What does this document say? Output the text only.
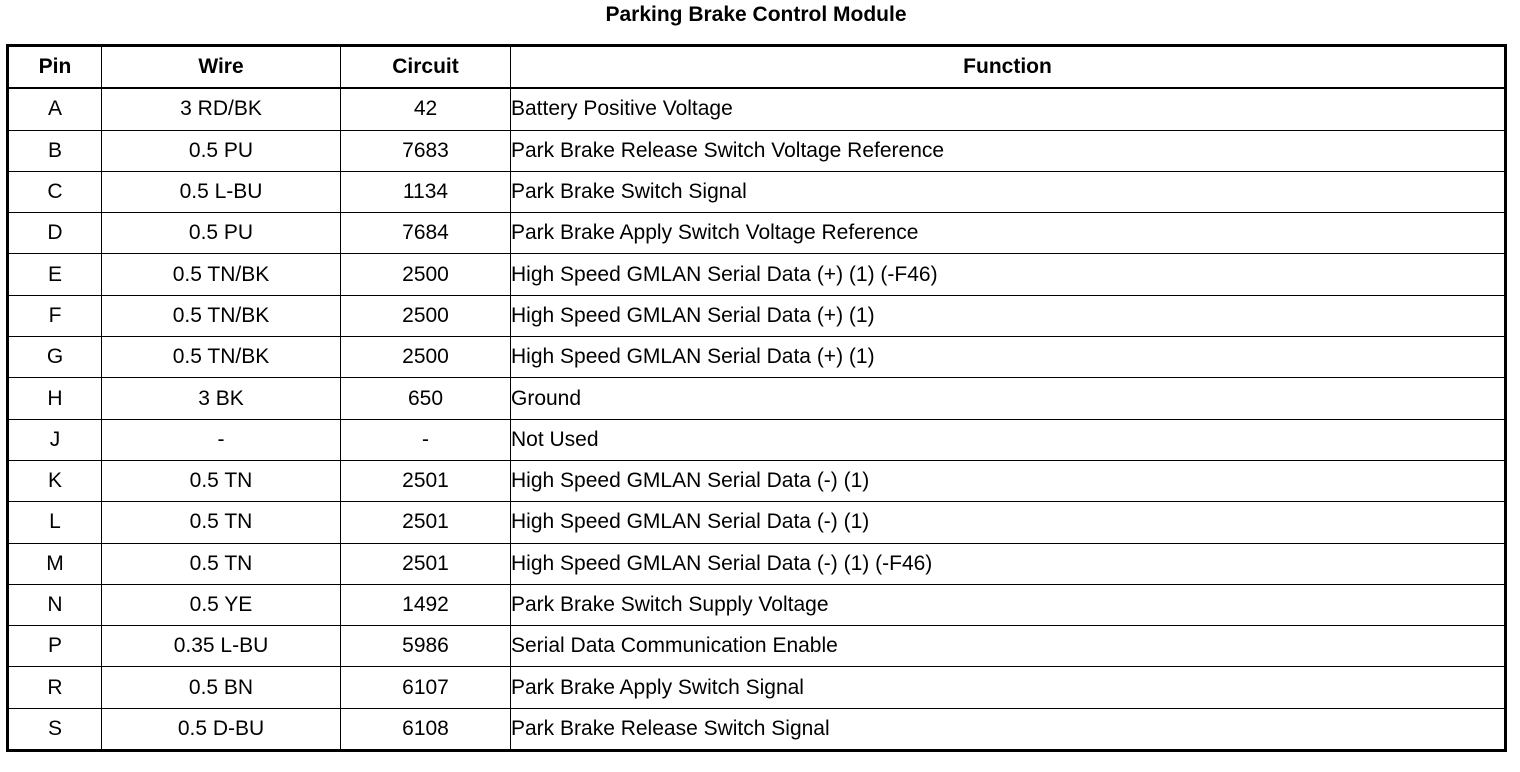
Parking Brake Control Module
Pin	Wire	Circuit	Function
A	3 RD/BK	42	Battery Positive Voltage
B	0.5 PU	7683	Park Brake Release Switch Voltage Reference
C	0.5 L-BU	1134	Park Brake Switch Signal
D	0.5 PU	7684	Park Brake Apply Switch Voltage Reference
E	0.5 TN/BK	2500	High Speed GMLAN Serial Data (+) (1) (-F46)
F	0.5 TN/BK	2500	High Speed GMLAN Serial Data (+) (1)
G	0.5 TN/BK	2500	High Speed GMLAN Serial Data (+) (1)
H	3 BK	650	Ground
J	-	-	Not Used
K	0.5 TN	2501	High Speed GMLAN Serial Data (-) (1)
L	0.5 TN	2501	High Speed GMLAN Serial Data (-) (1)
M	0.5 TN	2501	High Speed GMLAN Serial Data (-) (1) (-F46)
N	0.5 YE	1492	Park Brake Switch Supply Voltage
P	0.35 L-BU	5986	Serial Data Communication Enable
R	0.5 BN	6107	Park Brake Apply Switch Signal
S	0.5 D-BU	6108	Park Brake Release Switch Signal
